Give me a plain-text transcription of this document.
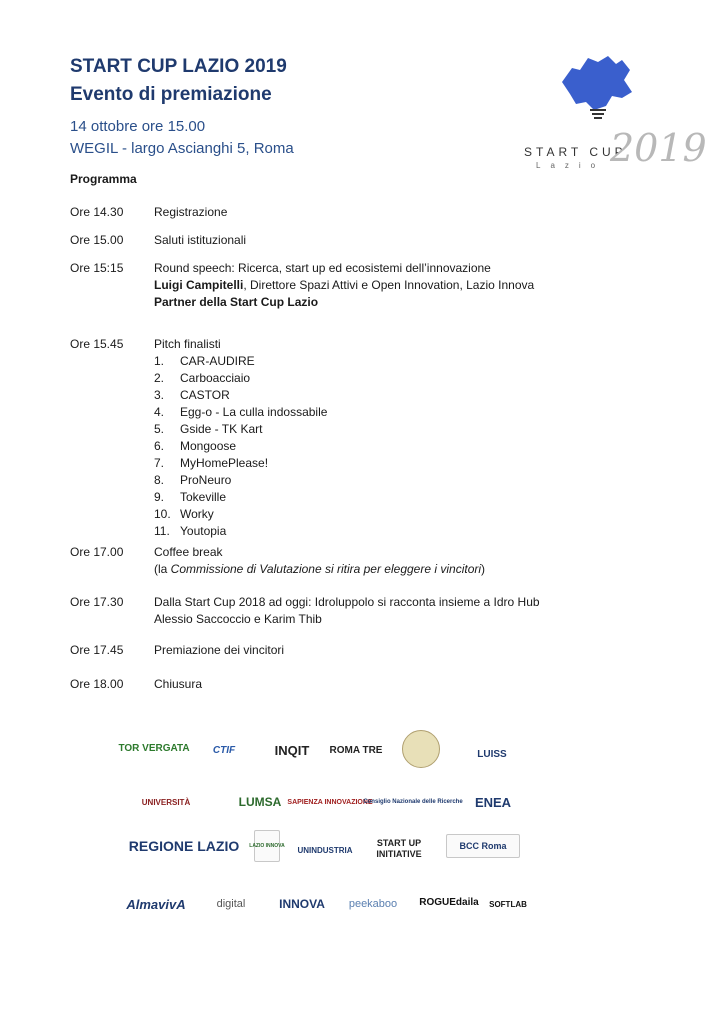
START CUP LAZIO 2019
Evento di premiazione
14 ottobre ore 15.00
WEGIL - largo Ascianghi 5, Roma	START CUP
Lazio 2019
Programma
Ore 14.30	Registrazione
Ore 15.00	Saluti istituzionali
Ore 15:15	Round speech: Ricerca, start up ed ecosistemi dell’innovazione
Luigi Campitelli, Direttore Spazi Attivi e Open Innovation, Lazio Innova
Partner della Start Cup Lazio
Ore 15.45	Pitch finalisti
1. CAR-AUDIRE
2. Carboacciaio
3. CASTOR
4. Egg-o - La culla indossabile
5. Gside - TK Kart
6. Mongoose
7. MyHomePlease!
8. ProNeuro
9. Tokeville
10. Worky
11. Youtopia
Ore 17.00	Coffee break
(la Commissione di Valutazione si ritira per eleggere i vincitori)
Ore 17.30	Dalla Start Cup 2018 ad oggi: Idroluppolo si racconta insieme a Idro Hub
Alessio Saccoccio e Karim Thib
Ore 17.45	Premiazione dei vincitori
Ore 18.00	Chiusura
TOR VERGATA	CTIF	INQIT	ROMA TRE	LUISS
UNIVERSITÀ	LUMSA SAPIENZA INNOVAZIONE
Consiglio Nazionale delle Ricerche ENEA
REGIONE LAZIO LAZIO INNOVA UNINDUSTRIA
START UP INITIATIVE
BCC Roma
AlmavivA	digital	INNOVA	peekaboo	ROGUEdaila SOFTLAB
